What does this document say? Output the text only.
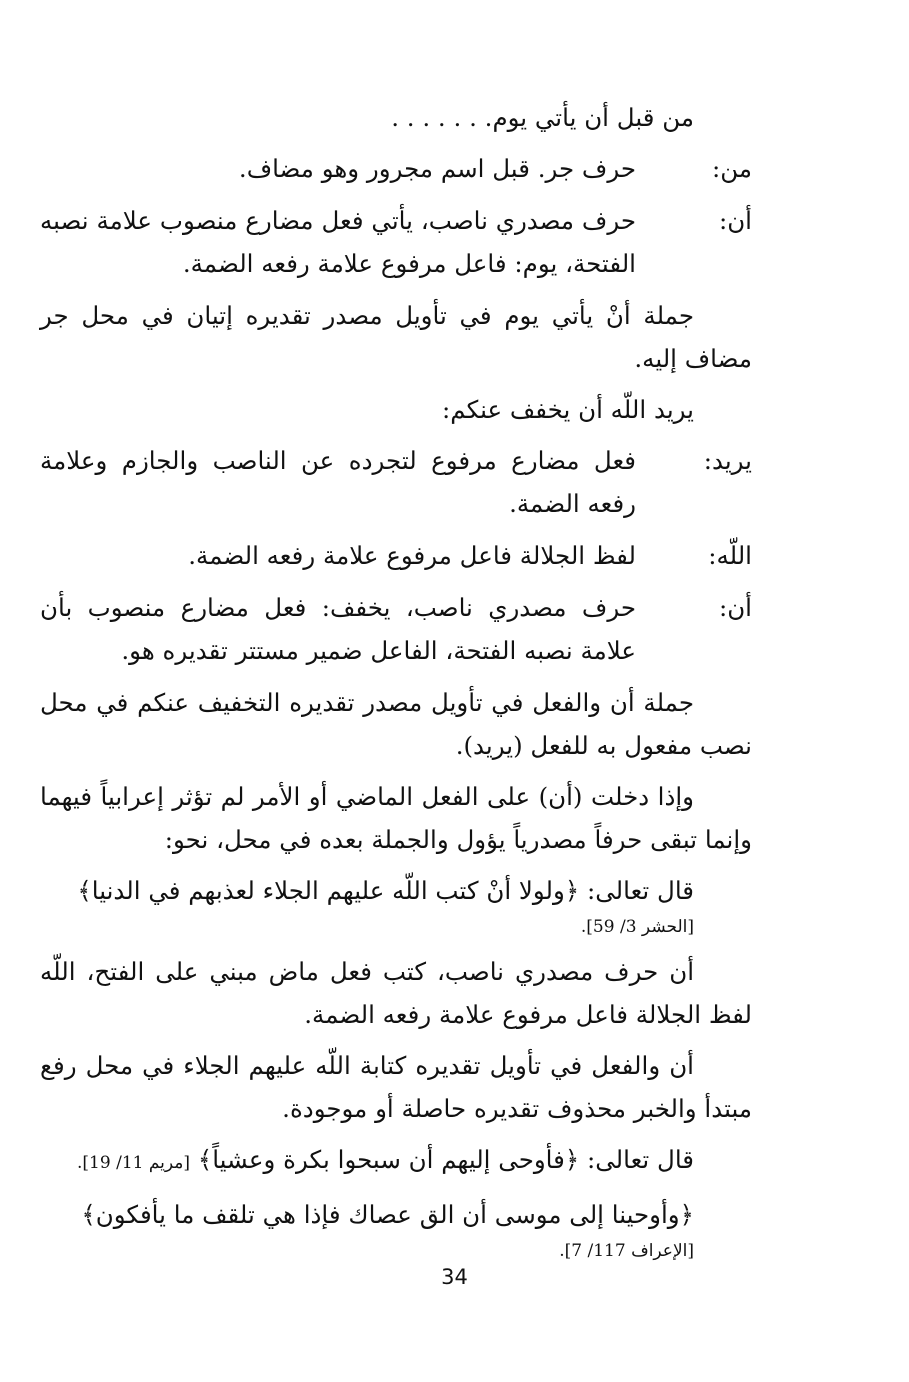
من قبل أن يأتي يوم. . . . . . .
من:
حرف جر. قبل اسم مجرور وهو مضاف.
أن:
حرف مصدري ناصب، يأتي فعل مضارع منصوب علامة نصبه الفتحة، يوم: فاعل مرفوع علامة رفعه الضمة.
جملة أنْ يأتي يوم في تأويل مصدر تقديره إتيان في محل جر مضاف إليه.
يريد اللّه أن يخفف عنكم:
يريد:
فعل مضارع مرفوع لتجرده عن الناصب والجازم وعلامة رفعه الضمة.
اللّه:
لفظ الجلالة فاعل مرفوع علامة رفعه الضمة.
أن:
حرف مصدري ناصب، يخفف: فعل مضارع منصوب بأن علامة نصبه الفتحة، الفاعل ضمير مستتر تقديره هو.
جملة أن والفعل في تأويل مصدر تقديره التخفيف عنكم في محل نصب مفعول به للفعل (يريد).
وإذا دخلت (أن) على الفعل الماضي أو الأمر لم تؤثر إعرابياً فيهما وإنما تبقى حرفاً مصدرياً يؤول والجملة بعده في محل، نحو:
قال تعالى: ﴿ولولا أنْ كتب اللّه عليهم الجلاء لعذبهم في الدنيا﴾
[الحشر 3/ 59].
أن حرف مصدري ناصب، كتب فعل ماض مبني على الفتح، اللّه لفظ الجلالة فاعل مرفوع علامة رفعه الضمة.
أن والفعل في تأويل تقديره كتابة اللّه عليهم الجلاء في محل رفع مبتدأ والخبر محذوف تقديره حاصلة أو موجودة.
قال تعالى: ﴿فأوحى إليهم أن سبحوا بكرة وعشياً﴾ [مريم 11/ 19].
﴿وأوحينا إلى موسى أن الق عصاك فإذا هي تلقف ما يأفكون﴾
[الإعراف 117/ 7].
34
